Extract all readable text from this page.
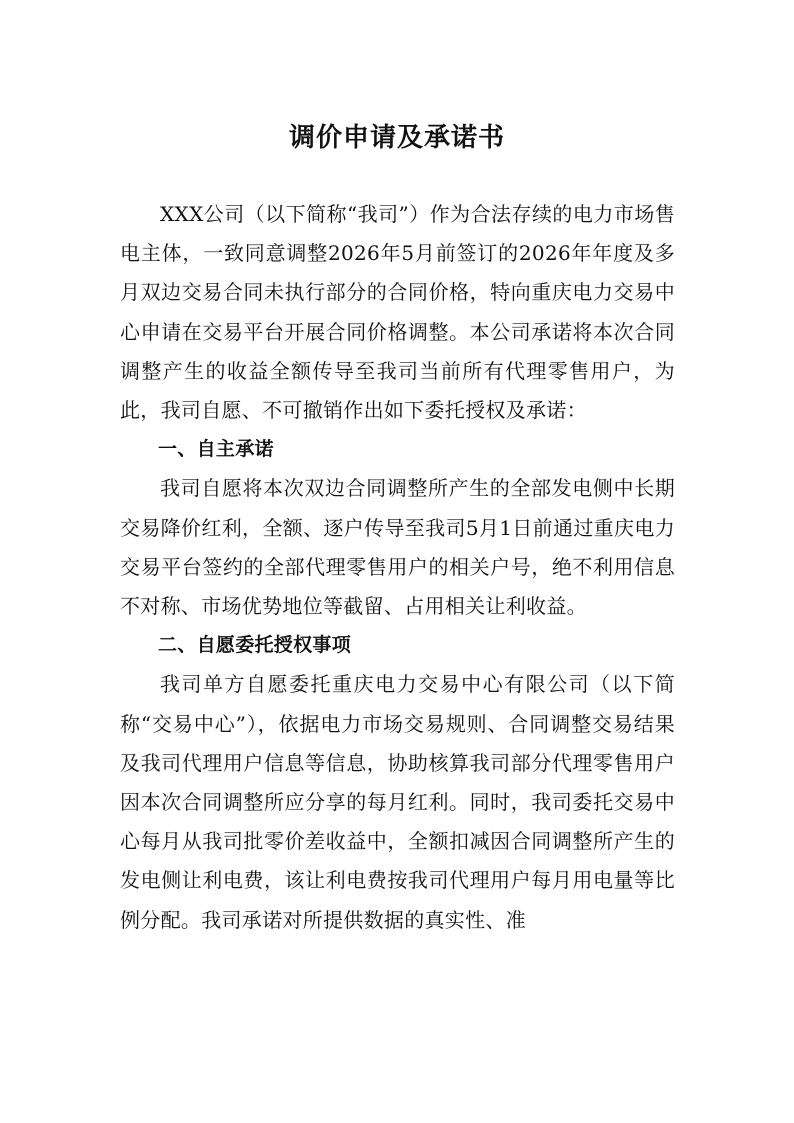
调价申请及承诺书

XXX公司（以下简称“我司”）作为合法存续的电力市场售电主体，一致同意调整2026年5月前签订的2026年年度及多月双边交易合同未执行部分的合同价格，特向重庆电力交易中心申请在交易平台开展合同价格调整。本公司承诺将本次合同调整产生的收益全额传导至我司当前所有代理零售用户，为此，我司自愿、不可撤销作出如下委托授权及承诺：

一、自主承诺

我司自愿将本次双边合同调整所产生的全部发电侧中长期交易降价红利，全额、逐户传导至我司5月1日前通过重庆电力交易平台签约的全部代理零售用户的相关户号，绝不利用信息不对称、市场优势地位等截留、占用相关让利收益。

二、自愿委托授权事项

我司单方自愿委托重庆电力交易中心有限公司（以下简称“交易中心”），依据电力市场交易规则、合同调整交易结果及我司代理用户信息等信息，协助核算我司部分代理零售用户因本次合同调整所应分享的每月红利。同时，我司委托交易中心每月从我司批零价差收益中，全额扣减因合同调整所产生的发电侧让利电费，该让利电费按我司代理用户每月用电量等比例分配。我司承诺对所提供数据的真实性、准
